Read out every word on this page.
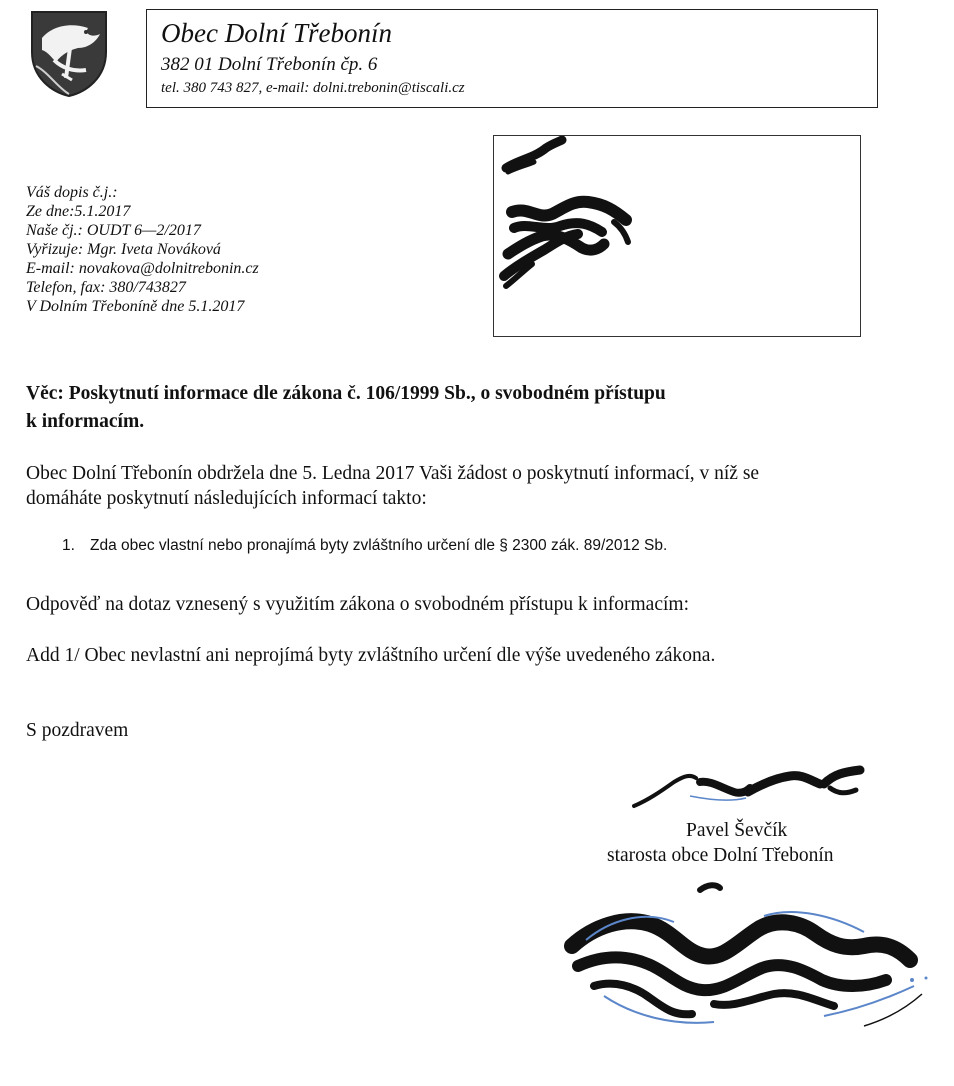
Obec Dolní Třebonín
382 01 Dolní Třebonín čp. 6
tel. 380 743 827, e-mail: dolni.trebonin@tiscali.cz
Váš dopis č.j.:
Ze dne:5.1.2017
Naše čj.: OUDT 6—2/2017
Vyřizuje: Mgr. Iveta Nováková
E-mail: novakova@dolnitrebonin.cz
Telefon, fax: 380/743827
V Dolním Třeboníně dne 5.1.2017
Věc: Poskytnutí informace dle zákona č. 106/1999 Sb., o svobodném přístupu
k informacím.
Obec Dolní Třebonín obdržela dne 5. Ledna 2017 Vaši žádost o poskytnutí informací, v níž se
domáháte poskytnutí následujících informací takto:
1. Zda obec vlastní nebo pronajímá byty zvláštního určení dle § 2300 zák. 89/2012 Sb.
Odpověď na dotaz vznesený s využitím zákona o svobodném přístupu k informacím:
Add 1/ Obec nevlastní ani neprojímá byty zvláštního určení dle výše uvedeného zákona.
S pozdravem
Pavel Ševčík
starosta obce Dolní Třebonín
